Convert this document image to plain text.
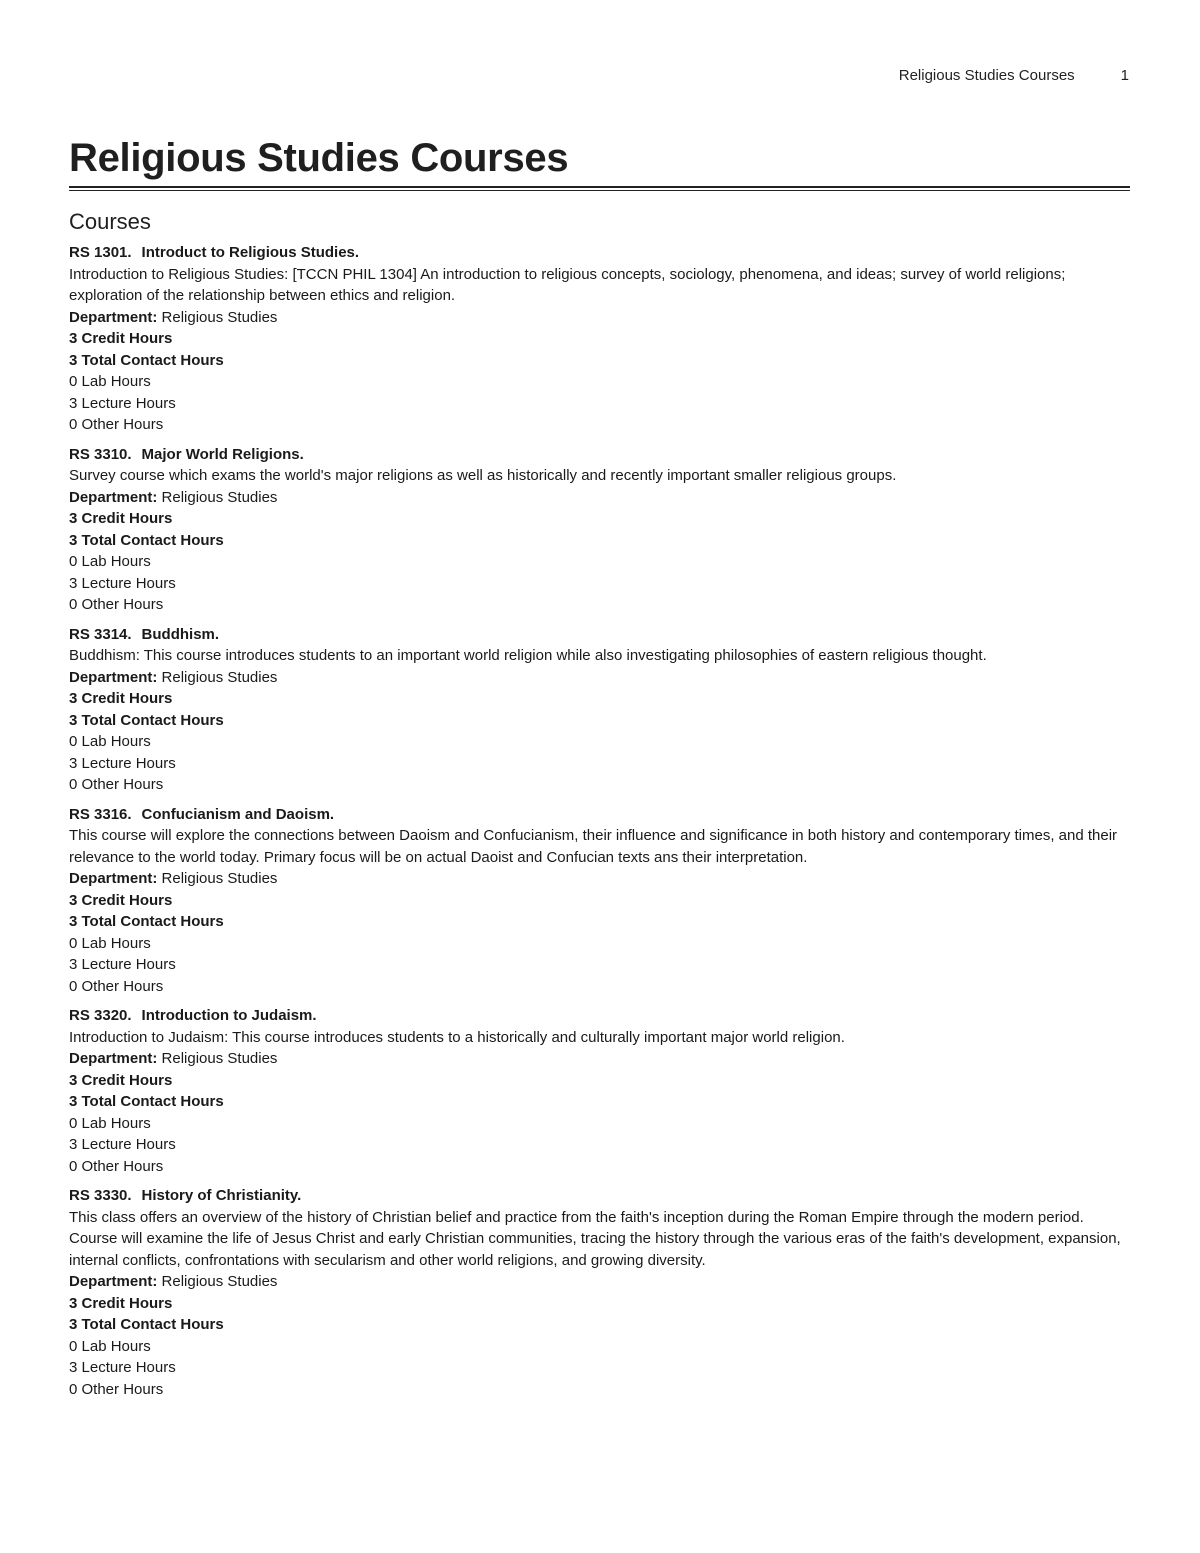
Religious Studies Courses	1
Religious Studies Courses
Courses
RS 1301. Introduct to Religious Studies.
Introduction to Religious Studies: [TCCN PHIL 1304] An introduction to religious concepts, sociology, phenomena, and ideas; survey of world religions; exploration of the relationship between ethics and religion.
Department: Religious Studies
3 Credit Hours
3 Total Contact Hours
0 Lab Hours
3 Lecture Hours
0 Other Hours
RS 3310. Major World Religions.
Survey course which exams the world's major religions as well as historically and recently important smaller religious groups.
Department: Religious Studies
3 Credit Hours
3 Total Contact Hours
0 Lab Hours
3 Lecture Hours
0 Other Hours
RS 3314. Buddhism.
Buddhism: This course introduces students to an important world religion while also investigating philosophies of eastern religious thought.
Department: Religious Studies
3 Credit Hours
3 Total Contact Hours
0 Lab Hours
3 Lecture Hours
0 Other Hours
RS 3316. Confucianism and Daoism.
This course will explore the connections between Daoism and Confucianism, their influence and significance in both history and contemporary times, and their relevance to the world today. Primary focus will be on actual Daoist and Confucian texts ans their interpretation.
Department: Religious Studies
3 Credit Hours
3 Total Contact Hours
0 Lab Hours
3 Lecture Hours
0 Other Hours
RS 3320. Introduction to Judaism.
Introduction to Judaism: This course introduces students to a historically and culturally important major world religion.
Department: Religious Studies
3 Credit Hours
3 Total Contact Hours
0 Lab Hours
3 Lecture Hours
0 Other Hours
RS 3330. History of Christianity.
This class offers an overview of the history of Christian belief and practice from the faith's inception during the Roman Empire through the modern period. Course will examine the life of Jesus Christ and early Christian communities, tracing the history through the various eras of the faith's development, expansion, internal conflicts, confrontations with secularism and other world religions, and growing diversity.
Department: Religious Studies
3 Credit Hours
3 Total Contact Hours
0 Lab Hours
3 Lecture Hours
0 Other Hours
